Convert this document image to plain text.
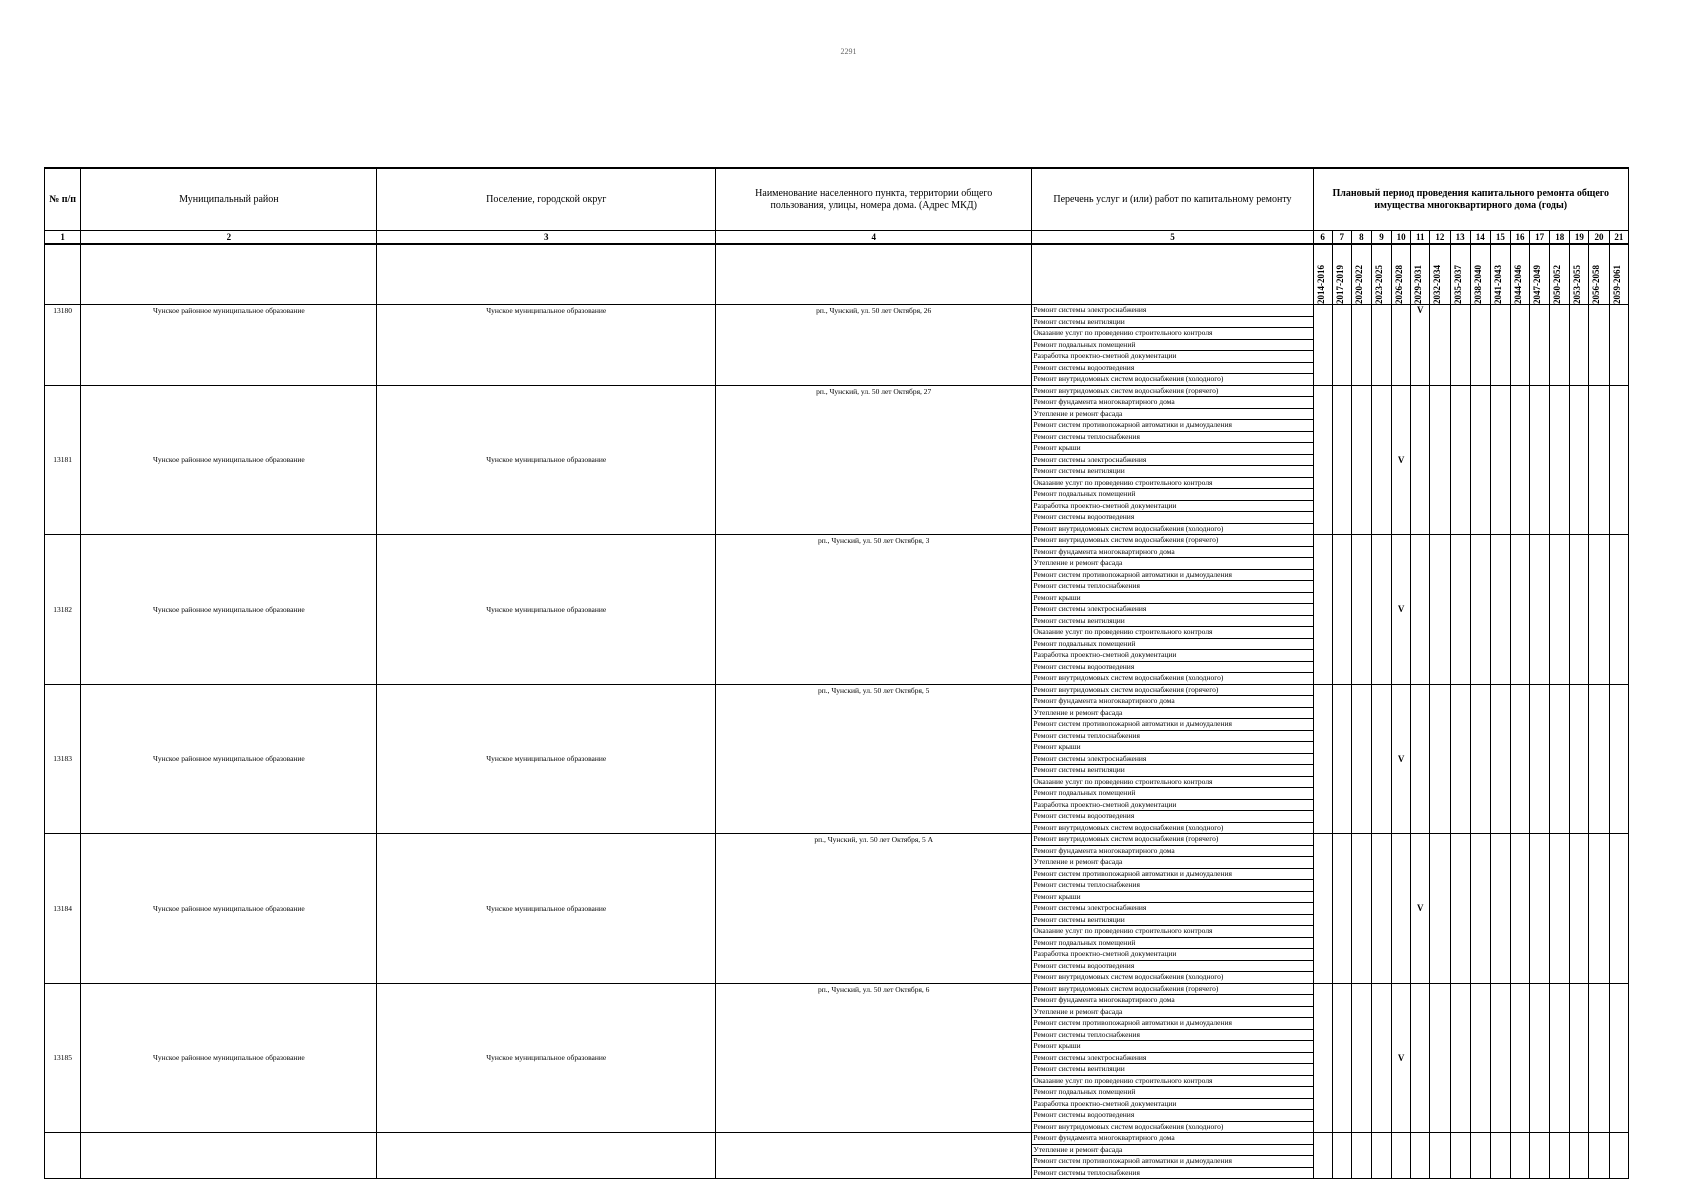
2291
№ п/п	Муниципальный район	Поселение, городской округ	Наименование населенного пункта, территории общего пользования, улицы, номера дома. (Адрес МКД)	Перечень услуг и (или) работ по капитальному ремонту	Плановый период проведения капитального ремонта общего имущества многоквартирного дома (годы)															
1	2	3	4	5	6	7	8	9	10	11	12	13	14	15	16	17	18	19	20	21

					2014-2016	2017-2019	2020-2022	2023-2025	2026-2028	2029-2031	2032-2034	2035-2037	2038-2040	2041-2043	2044-2046	2047-2049	2050-2052	2053-2055	2056-2058	2059-2061

13180	Чунское районное муниципальное образование	Чунское муниципальное образование	рп., Чунский, ул. 50 лет Октября, 26	Ремонт системы электроснабжения						V										
				Ремонт системы вентиляции																
				Оказание услуг по проведению строительного контроля																
				Ремонт подвальных помещений																
				Разработка проектно-сметной документации																
				Ремонт системы водоотведения																
				Ремонт внутридомовых систем водоснабжения (холодного)																
13181	Чунское районное муниципальное образование	Чунское муниципальное образование	рп., Чунский, ул. 50 лет Октября, 27	Ремонт внутридомовых систем водоснабжения (горячего)					V											
				Ремонт фундамента многоквартирного дома																
				Утепление и ремонт фасада																
				Ремонт систем противопожарной автоматики и дымоудаления																
				Ремонт системы теплоснабжения																
				Ремонт крыши																
				Ремонт системы электроснабжения																
				Ремонт системы вентиляции																
				Оказание услуг по проведению строительного контроля																
				Ремонт подвальных помещений																
				Разработка проектно-сметной документации																
				Ремонт системы водоотведения																
				Ремонт внутридомовых систем водоснабжения (холодного)																
13182	Чунское районное муниципальное образование	Чунское муниципальное образование	рп., Чунский, ул. 50 лет Октября, 3	Ремонт внутридомовых систем водоснабжения (горячего)					V											
				Ремонт фундамента многоквартирного дома																
				Утепление и ремонт фасада																
				Ремонт систем противопожарной автоматики и дымоудаления																
				Ремонт системы теплоснабжения																
				Ремонт крыши																
				Ремонт системы электроснабжения																
				Ремонт системы вентиляции																
				Оказание услуг по проведению строительного контроля																
				Ремонт подвальных помещений																
				Разработка проектно-сметной документации																
				Ремонт системы водоотведения																
				Ремонт внутридомовых систем водоснабжения (холодного)																
13183	Чунское районное муниципальное образование	Чунское муниципальное образование	рп., Чунский, ул. 50 лет Октября, 5	Ремонт внутридомовых систем водоснабжения (горячего)					V											
				Ремонт фундамента многоквартирного дома																
				Утепление и ремонт фасада																
				Ремонт систем противопожарной автоматики и дымоудаления																
				Ремонт системы теплоснабжения																
				Ремонт крыши																
				Ремонт системы электроснабжения																
				Ремонт системы вентиляции																
				Оказание услуг по проведению строительного контроля																
				Ремонт подвальных помещений																
				Разработка проектно-сметной документации																
				Ремонт системы водоотведения																
				Ремонт внутридомовых систем водоснабжения (холодного)																
13184	Чунское районное муниципальное образование	Чунское муниципальное образование	рп., Чунский, ул. 50 лет Октября, 5 А	Ремонт внутридомовых систем водоснабжения (горячего)						V										
				Ремонт фундамента многоквартирного дома																
				Утепление и ремонт фасада																
				Ремонт систем противопожарной автоматики и дымоудаления																
				Ремонт системы теплоснабжения																
				Ремонт крыши																
				Ремонт системы электроснабжения																
				Ремонт системы вентиляции																
				Оказание услуг по проведению строительного контроля																
				Ремонт подвальных помещений																
				Разработка проектно-сметной документации																
				Ремонт системы водоотведения																
				Ремонт внутридомовых систем водоснабжения (холодного)																
13185	Чунское районное муниципальное образование	Чунское муниципальное образование	рп., Чунский, ул. 50 лет Октября, 6	Ремонт внутридомовых систем водоснабжения (горячего)					V											
				Ремонт фундамента многоквартирного дома																
				Утепление и ремонт фасада																
				Ремонт систем противопожарной автоматики и дымоудаления																
				Ремонт системы теплоснабжения																
				Ремонт крыши																
				Ремонт системы электроснабжения																
				Ремонт системы вентиляции																
				Оказание услуг по проведению строительного контроля																
				Ремонт подвальных помещений																
				Разработка проектно-сметной документации																
				Ремонт системы водоотведения																
				Ремонт внутридомовых систем водоснабжения (холодного)																
				Ремонт фундамента многоквартирного дома																
				Утепление и ремонт фасада																
				Ремонт систем противопожарной автоматики и дымоудаления																
				Ремонт системы теплоснабжения																
